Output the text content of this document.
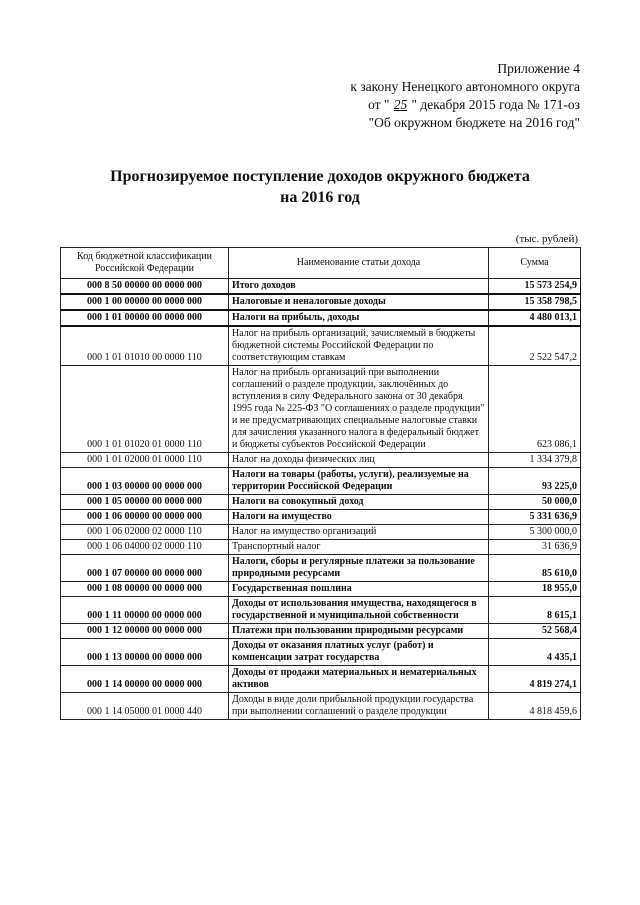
Приложение 4
к закону Ненецкого автономного округа
от " 25 " декабря 2015 года № 171-оз
"Об окружном бюджете на 2016 год"
Прогнозируемое поступление доходов окружного бюджета
на 2016 год
(тыс. рублей)
Код бюджетной классификации Российской Федерации	Наименование статьи дохода	Сумма
000 8 50 00000 00 0000 000	Итого доходов	15 573 254,9
000 1 00 00000 00 0000 000	Налоговые и неналоговые доходы	15 358 798,5
000 1 01 00000 00 0000 000	Налоги на прибыль, доходы	4 480 013,1
000 1 01 01010 00 0000 110	Налог на прибыль организаций, зачисляемый в бюджеты бюджетной системы Российской Федерации по соответствующим ставкам	2 522 547,2
000 1 01 01020 01 0000 110	Налог на прибыль организаций при выполнении соглашений о разделе продукции, заключённых до вступления в силу Федерального закона от 30 декабря 1995 года № 225-ФЗ "О соглашениях о разделе продукции" и не предусматривающих специальные налоговые ставки для зачисления указанного налога в федеральный бюджет и бюджеты субъектов Российской Федерации	623 086,1
000 1 01 02000 01 0000 110	Налог на доходы физических лиц	1 334 379,8
000 1 03 00000 00 0000 000	Налоги на товары (работы, услуги), реализуемые на территории Российской Федерации	93 225,0
000 1 05 00000 00 0000 000	Налоги на совокупный доход	50 000,0
000 1 06 00000 00 0000 000	Налоги на имущество	5 331 636,9
000 1 06 02000 02 0000 110	Налог на имущество организаций	5 300 000,0
000 1 06 04000 02 0000 110	Транспортный налог	31 636,9
000 1 07 00000 00 0000 000	Налоги, сборы и регулярные платежи за пользование природными ресурсами	85 610,0
000 1 08 00000 00 0000 000	Государственная пошлина	18 955,0
000 1 11 00000 00 0000 000	Доходы от использования имущества, находящегося в государственной и муниципальной собственности	8 615,1
000 1 12 00000 00 0000 000	Платежи при пользовании природными ресурсами	52 568,4
000 1 13 00000 00 0000 000	Доходы от оказания платных услуг (работ) и компенсации затрат государства	4 435,1
000 1 14 00000 00 0000 000	Доходы от продажи материальных и нематериальных активов	4 819 274,1
000 1 14 05000 01 0000 440	Доходы в виде доли прибыльной продукции государства при выполнении соглашений о разделе продукции	4 818 459,6
